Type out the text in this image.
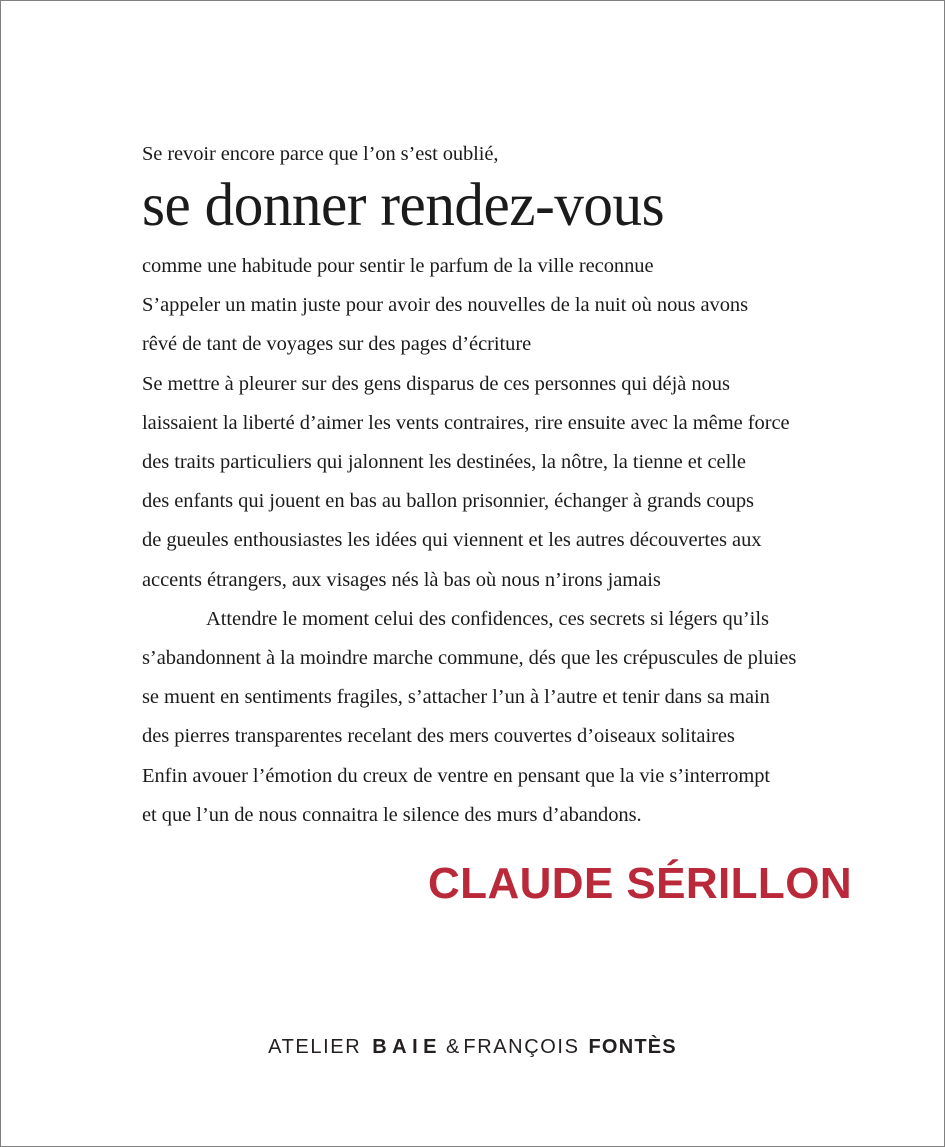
Se revoir encore parce que l’on s’est oublié,
se donner rendez-vous
comme une habitude pour sentir le parfum de la ville reconnue
S’appeler un matin juste pour avoir des nouvelles de la nuit où nous avons
rêvé de tant de voyages sur des pages d’écriture
Se mettre à pleurer sur des gens disparus de ces personnes qui déjà nous
laissaient la liberté d’aimer les vents contraires, rire ensuite avec la même force
des traits particuliers qui jalonnent les destinées, la nôtre, la tienne et celle
des enfants qui jouent en bas au ballon prisonnier, échanger à grands coups
de gueules enthousiastes les idées qui viennent et les autres découvertes aux
accents étrangers, aux visages nés là bas où nous n’irons jamais
Attendre le moment celui des confidences, ces secrets si légers qu’ils
s’abandonnent à la moindre marche commune, dés que les crépuscules de pluies
se muent en sentiments fragiles, s’attacher l’un à l’autre et tenir dans sa main
des pierres transparentes recelant des mers couvertes d’oiseaux solitaires
Enfin avouer l’émotion du creux de ventre en pensant que la vie s’interrompt
et que l’un de nous connaitra le silence des murs d’abandons.
CLAUDE SÉRILLON
ATELIER BAIE & FRANÇOIS FONTÈS
